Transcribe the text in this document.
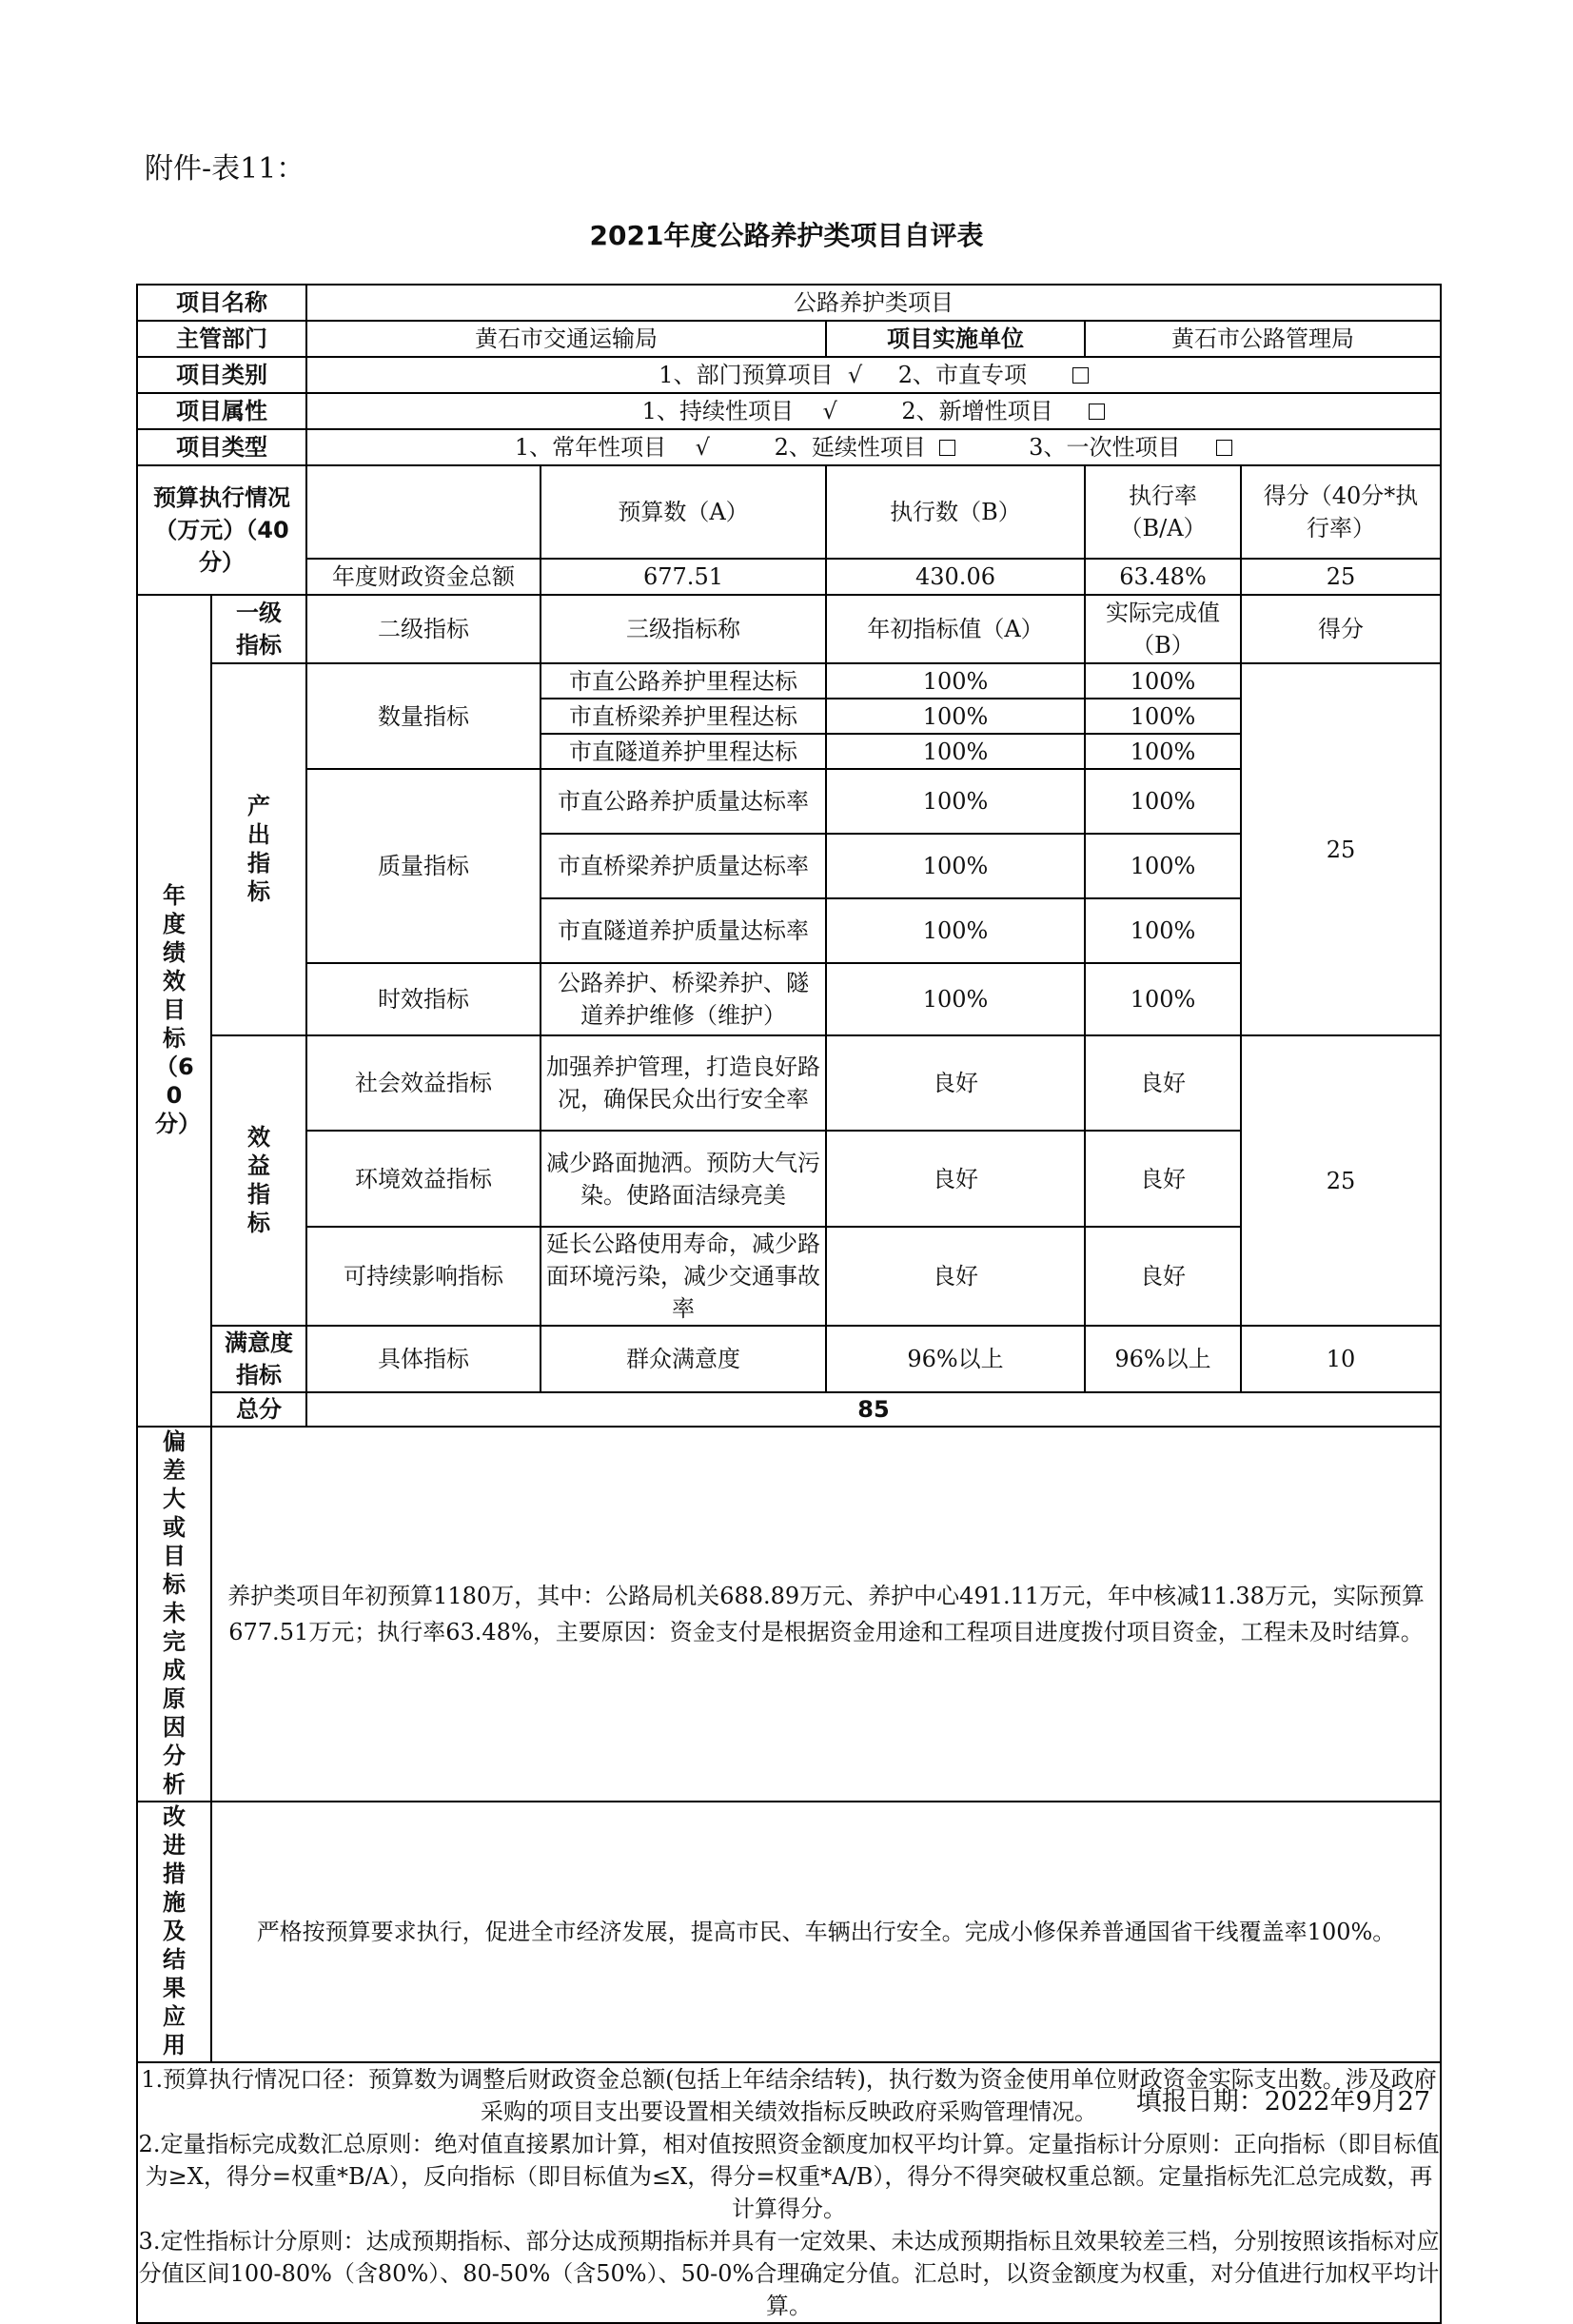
附件-表11：
2021年度公路养护类项目自评表
项目名称		公路养护类项目				
主管部门		黄石市交通运输局		项目实施单位	黄石市公路管理局	
项目类别		1、部门预算项目  √ 2、市直专项				
项目属性		1、持续性项目    √ 2、新增性项目				
项目类型		1、常年性项目    √ 2、延续性项目 3、一次性项目				
预算执行情况（万元）（40分）			预算数（A）	执行数（B）	执行率（B/A）	得分（40分*执行率）
		年度财政资金总额	677.51	430.06	63.48%	25
年度绩效目标（60分）	一级指标	二级指标	三级指标称	年初指标值（A）	实际完成值（B）	得分
	产出指标	数量指标	市直公路养护里程达标	100%	100%	25
			市直桥梁养护里程达标	100%	100%	
			市直隧道养护里程达标	100%	100%	
		质量指标	市直公路养护质量达标率	100%	100%	
			市直桥梁养护质量达标率	100%	100%	
			市直隧道养护质量达标率	100%	100%	
		时效指标	公路养护、桥梁养护、隧道养护维修（维护）	100%	100%	
	效益指标	社会效益指标	加强养护管理，打造良好路况，确保民众出行安全率	良好	良好	25
		环境效益指标	减少路面抛洒。预防大气污染。使路面洁绿亮美	良好	良好	
		可持续影响指标	延长公路使用寿命，减少路面环境污染，减少交通事故率	良好	良好	
	满意度指标	具体指标	群众满意度	96%以上	96%以上	10
	总分	85				
偏差大或目标未完成原因分析	养护类项目年初预算1180万，其中：公路局机关688.89万元、养护中心491.11万元，年中核减11.38万元，实际预算677.51万元；执行率63.48%，主要原因：资金支付是根据资金用途和工程项目进度拨付项目资金，工程未及时结算。					
改进措施及结果应用	严格按预算要求执行，促进全市经济发展，提高市民、车辆出行安全。完成小修保养普通国省干线覆盖率100%。					

1.预算执行情况口径：预算数为调整后财政资金总额(包括上年结余结转)，执行数为资金使用单位财政资金实际支出数。涉及政府采购的项目支出要设置相关绩效指标反映政府采购管理情况。

2.定量指标完成数汇总原则：绝对值直接累加计算，相对值按照资金额度加权平均计算。定量指标计分原则：正向指标（即目标值为≥X，得分=权重*B/A），反向指标（即目标值为≤X，得分=权重*A/B），得分不得突破权重总额。定量指标先汇总完成数，再计算得分。

3.定性指标计分原则：达成预期指标、部分达成预期指标并具有一定效果、未达成预期指标且效果较差三档，分别按照该指标对应分值区间100-80%（含80%）、80-50%（含50%）、50-0%合理确定分值。汇总时，以资金额度为权重，对分值进行加权平均计算。						

填报日期：2022年9月27
